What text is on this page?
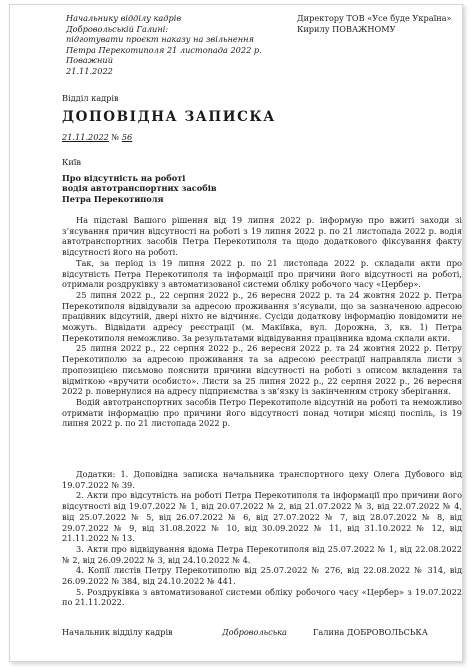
Начальнику відділу кадрів
Добровольській Галині:
підготувати проєкт наказу на звільнення
Петра Перекотиполя 21 листопада 2022 р.
Поважний
21.11.2022
Директору ТОВ «Усе буде Україна»
Кирилу ПОВАЖНОМУ
Відділ кадрів
ДОПОВІДНА ЗАПИСКА
21.11.2022 № 56
Київ
Про відсутність на роботі
водія автотранспортних засобів
Петра Перекотиполя

На підставі Вашого рішення від 19 липня 2022 р. інформую про вжиті заходи зі з’ясування причин відсутності на роботі з 19 липня 2022 р. по 21 листопада 2022 р. водія автотранспортних засобів Петра Перекотиполя та щодо додаткового фіксування факту відсутності його на роботі.

Так, за період із 19 липня 2022 р. по 21 листопада 2022 р. складали акти про відсутність Петра Перекотиполя та інформації про причини його відсутності на роботі, отримали роздруківку з автоматизованої системи обліку робочого часу «Цербер».

25 липня 2022 р., 22 серпня 2022 р., 26 вересня 2022 р. та 24 жовтня 2022 р. Петра Перекотиполя відвідували за адресою проживання з’ясували, що за зазначеною адресою працівник відсутній, двері ніхто не відчиняє. Сусіди додаткову інформацію повідомити не можуть. Відвідати адресу реєстрації (м. Макіївка, вул. Дорожна, 3, кв. 1) Петра Перекотиполя неможливо. За результатами відвідування працівника вдома склали акти.

25 липня 2022 р., 22 серпня 2022 р., 26 вересня 2022 р. та 24 жовтня 2022 р. Петру Перекотиполю за адресою проживання та за адресою реєстрації направляла листи з пропозицією письмово пояснити причини відсутності на роботі з описом вкладення та відміткою «вручити особисто». Листи за 25 липня 2022 р., 22 серпня 2022 р., 26 вересня 2022 р. повернулися на адресу підприємства з зв’язку із закінченням строку зберігання.

Водій автотранспортних засобів Петро Перекотиполе відсутній на роботі та неможливо отримати інформацію про причини його відсутності понад чотири місяці поспіль, із 19 липня 2022 р. по 21 листопада 2022 р.

Додатки: 1. Доповідна записка начальника транспортного цеху Олега Дубового від 19.07.2022 № 39.

2. Акти про відсутність на роботі Петра Перекотиполя та інформації про причини його відсутності від 19.07.2022 № 1, від 20.07.2022 № 2, від 21.07.2022 № 3, від 22.07.2022 № 4, від 25.07.2022 № 5, від 26.07.2022 № 6, від 27.07.2022 № 7, від 28.07.2022 № 8, від 29.07.2022 № 9, від 31.08.2022 № 10, від 30.09.2022 № 11, від 31.10.2022 № 12, від 21.11.2022 № 13.

3. Акти про відвідування вдома Петра Перекотиполя від 25.07.2022 № 1, від 22.08.2022 № 2, від 26.09.2022 № 3, від 24.10.2022 № 4.

4. Копії листів Петру Перекотиполю від 25.07.2022 № 276, від 22.08.2022 № 314, від 26.09.2022 № 384, від 24.10.2022 № 441.

5. Роздруківка з автоматизованої системи обліку робочого часу «Цербер» з 19.07.2022 по 21.11.2022.

Начальник відділу кадрів	Добровольська	Галина ДОБРОВОЛЬСЬКА
